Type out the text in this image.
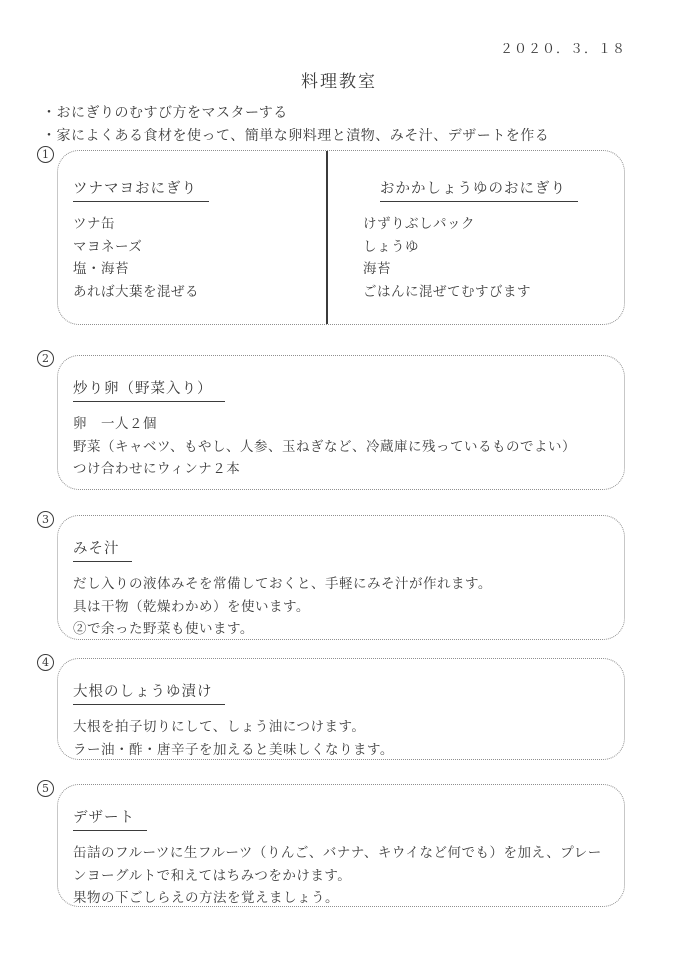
２０２０．３．１８
料理教室
・おにぎりのむすび方をマスターする
・家によくある食材を使って、簡単な卵料理と漬物、みそ汁、デザートを作る
1
ツナマヨおにぎり
ツナ缶
マヨネーズ
塩・海苔
あれば大葉を混ぜる
おかかしょうゆのおにぎり
けずりぶしパック
しょうゆ
海苔
ごはんに混ぜてむすびます
2
炒り卵（野菜入り）
卵　一人２個
野菜（キャベツ、もやし、人参、玉ねぎなど、冷蔵庫に残っているものでよい）
つけ合わせにウィンナ２本
3
みそ汁
だし入りの液体みそを常備しておくと、手軽にみそ汁が作れます。
具は干物（乾燥わかめ）を使います。
②で余った野菜も使います。
4
大根のしょうゆ漬け
大根を拍子切りにして、しょう油につけます。
ラー油・酢・唐辛子を加えると美味しくなります。
5
デザート
缶詰のフルーツに生フルーツ（りんご、バナナ、キウイなど何でも）を加え、プレーンヨーグルトで和えてはちみつをかけます。
果物の下ごしらえの方法を覚えましょう。
